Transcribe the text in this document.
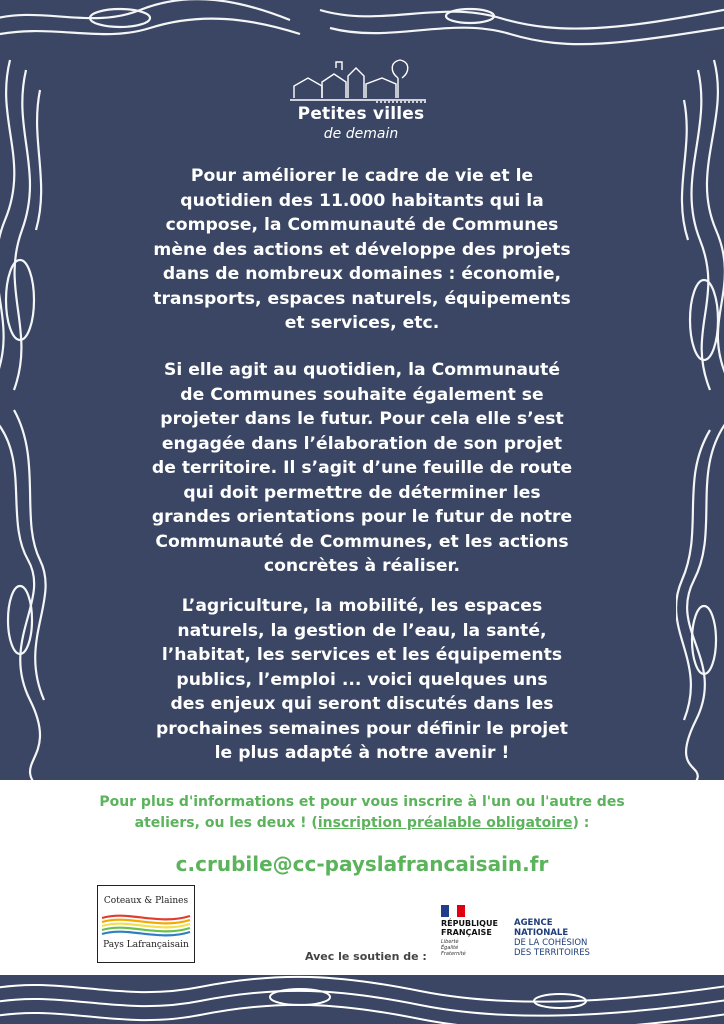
Petites villes
de demain

Pour améliorer le cadre de vie et le
quotidien des 11.000 habitants qui la
compose, la Communauté de Communes
mène des actions et développe des projets
dans de nombreux domaines : économie,
transports, espaces naturels, équipements
et services, etc.

Si elle agit au quotidien, la Communauté
de Communes souhaite également se
projeter dans le futur. Pour cela elle s’est
engagée dans l’élaboration de son projet
de territoire. Il s’agit d’une feuille de route
qui doit permettre de déterminer les
grandes orientations pour le futur de notre
Communauté de Communes, et les actions
concrètes à réaliser.

L’agriculture, la mobilité, les espaces
naturels, la gestion de l’eau, la santé,
l’habitat, les services et les équipements
publics, l’emploi ... voici quelques uns
des enjeux qui seront discutés dans les
prochaines semaines pour définir le projet
le plus adapté à notre avenir !

Pour plus d'informations et pour vous inscrire à l'un ou l'autre des
ateliers, ou les deux ! (inscription préalable obligatoire) :

c.crubile@cc-payslafrancaisain.fr
Coteaux & Plaines
Pays Lafrançaisain
Avec le soutien de :
RÉPUBLIQUE
FRANÇAISE
Liberté
Égalité
Fraternité
AGENCE
NATIONALE
DE LA COHÉSION
DES TERRITOIRES
